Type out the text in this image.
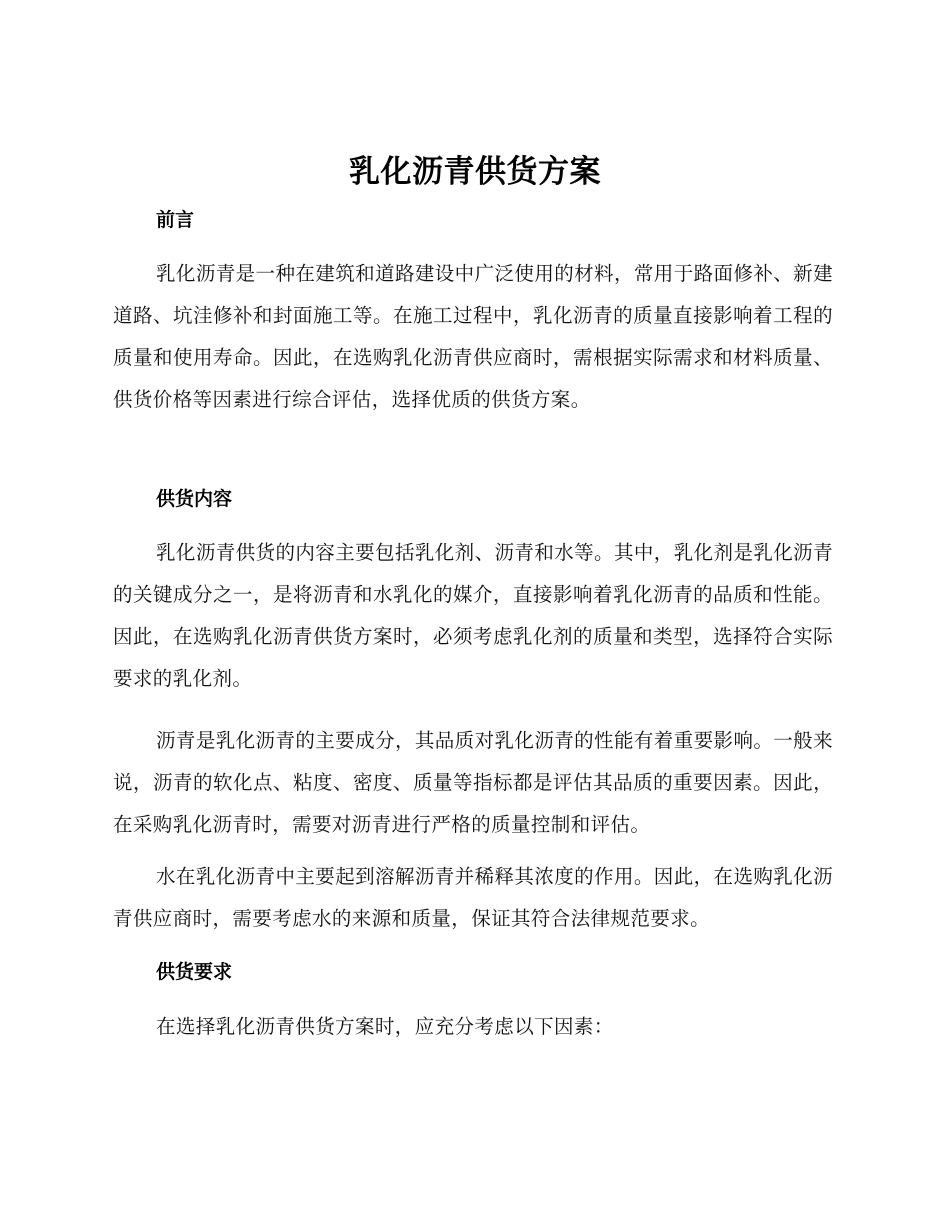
乳化沥青供货方案
前言
乳化沥青是一种在建筑和道路建设中广泛使用的材料，常用于路面修补、新建道路、坑洼修补和封面施工等。在施工过程中，乳化沥青的质量直接影响着工程的质量和使用寿命。因此，在选购乳化沥青供应商时，需根据实际需求和材料质量、供货价格等因素进行综合评估，选择优质的供货方案。
供货内容
乳化沥青供货的内容主要包括乳化剂、沥青和水等。其中，乳化剂是乳化沥青的关键成分之一，是将沥青和水乳化的媒介，直接影响着乳化沥青的品质和性能。因此，在选购乳化沥青供货方案时，必须考虑乳化剂的质量和类型，选择符合实际要求的乳化剂。
沥青是乳化沥青的主要成分，其品质对乳化沥青的性能有着重要影响。一般来说，沥青的软化点、粘度、密度、质量等指标都是评估其品质的重要因素。因此，在采购乳化沥青时，需要对沥青进行严格的质量控制和评估。
水在乳化沥青中主要起到溶解沥青并稀释其浓度的作用。因此，在选购乳化沥青供应商时，需要考虑水的来源和质量，保证其符合法律规范要求。
供货要求
在选择乳化沥青供货方案时，应充分考虑以下因素：
